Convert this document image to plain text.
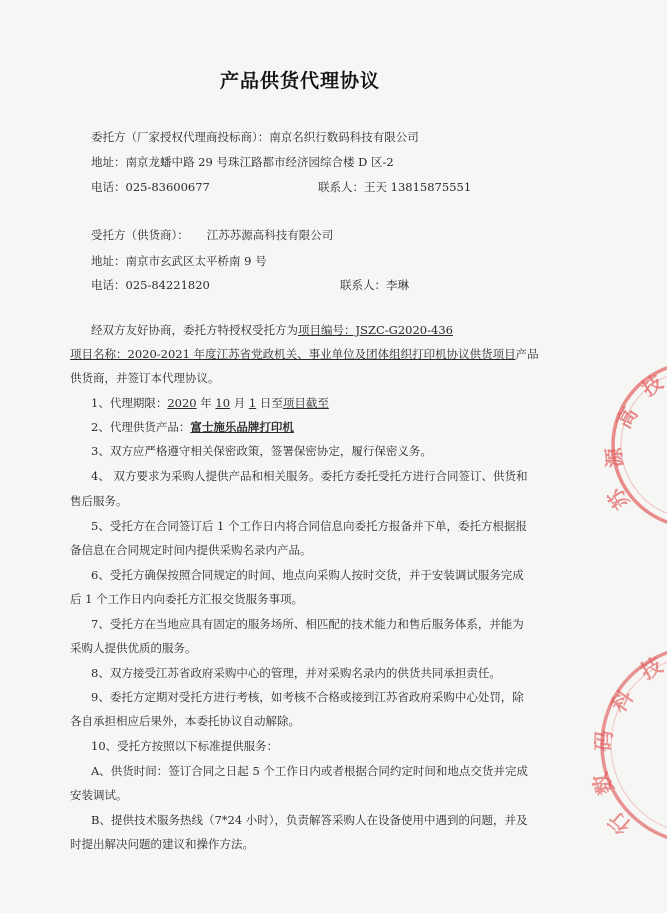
产品供货代理协议
委托方（厂家授权代理商投标商）：南京名织行数码科技有限公司
地址：南京龙蟠中路 29 号珠江路都市经济园综合楼 D 区-2
电话：025-83600677	联系人：王天 13815875551
受托方（供货商）： 江苏苏源高科技有限公司
地址：南京市玄武区太平桥南 9 号
电话：025-84221820	联系人：李琳
经双方友好协商，委托方特授权受托方为项目编号：JSZC-G2020-436
项目名称：2020-2021 年度江苏省党政机关、事业单位及团体组织打印机协议供货项目产品
供货商，并签订本代理协议。
1、代理期限：2020 年 10 月 1 日至项目截至
2、代理供货产品：富士施乐品牌打印机
3、双方应严格遵守相关保密政策，签署保密协定，履行保密义务。
4、 双方要求为采购人提供产品和相关服务。委托方委托受托方进行合同签订、供货和
售后服务。
5、受托方在合同签订后 1 个工作日内将合同信息向委托方报备并下单，委托方根据报
备信息在合同规定时间内提供采购名录内产品。
6、受托方确保按照合同规定的时间、地点向采购人按时交货，并于安装调试服务完成
后 1 个工作日内向委托方汇报交货服务事项。
7、受托方在当地应具有固定的服务场所、相匹配的技术能力和售后服务体系，并能为
采购人提供优质的服务。
8、双方接受江苏省政府采购中心的管理，并对采购名录内的供货共同承担责任。
9、委托方定期对受托方进行考核，如考核不合格或接到江苏省政府采购中心处罚，除
各自承担相应后果外，本委托协议自动解除。
10、受托方按照以下标准提供服务：
A、供货时间：签订合同之日起 5 个工作日内或者根据合同约定时间和地点交货并完成
安装调试。
B、提供技术服务热线（7*24 小时），负责解答采购人在设备使用中遇到的问题，并及
时提出解决问题的建议和操作方法。
技
高
源
苏
技
科
码
数
行
